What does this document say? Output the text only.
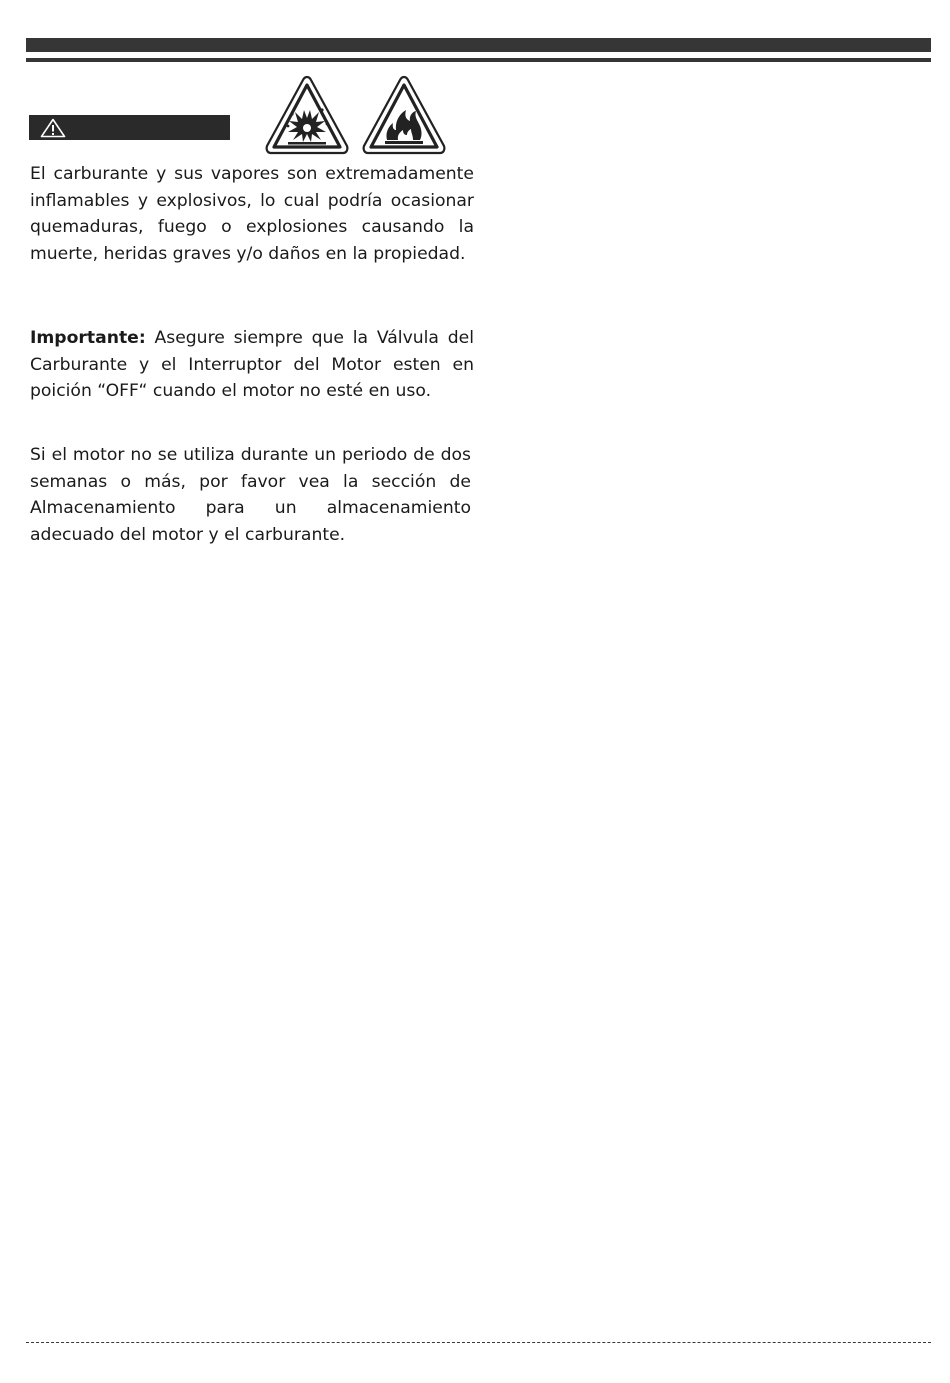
El carburante y sus vapores son extremadamente inflamables y explosivos, lo cual podría ocasionar quemaduras, fuego o explosiones causando la muerte, heridas graves y/o daños en la propiedad.

Importante: Asegure siempre que la Válvula del Carburante y el Interruptor del Motor esten en poición “OFF“ cuando el motor no esté en uso.

Si el motor no se utiliza durante un periodo de dos semanas o más, por favor vea la sección de Almacenamiento para un almacenamiento adecuado del motor y el carburante.
